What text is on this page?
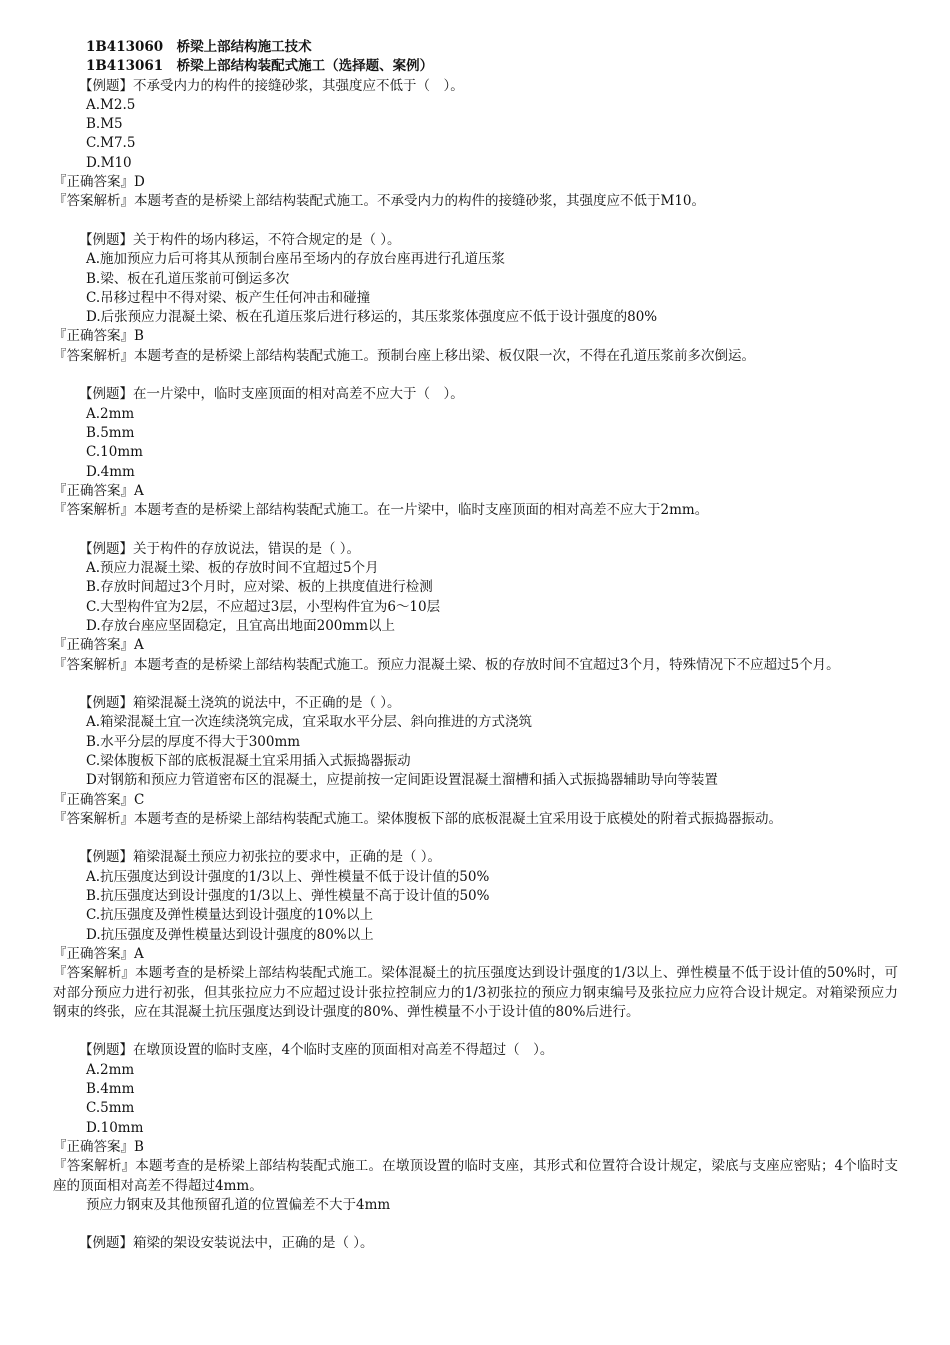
1B413060　桥梁上部结构施工技术
1B413061　桥梁上部结构装配式施工（选择题、案例）
【例题】不承受内力的构件的接缝砂浆，其强度应不低于（　）。
A.M2.5
B.M5
C.M7.5
D.M10
『正确答案』D
『答案解析』本题考查的是桥梁上部结构装配式施工。不承受内力的构件的接缝砂浆，其强度应不低于M10。
【例题】关于构件的场内移运，不符合规定的是（ ）。
A.施加预应力后可将其从预制台座吊至场内的存放台座再进行孔道压浆
B.梁、板在孔道压浆前可倒运多次
C.吊移过程中不得对梁、板产生任何冲击和碰撞
D.后张预应力混凝土梁、板在孔道压浆后进行移运的，其压浆浆体强度应不低于设计强度的80%
『正确答案』B
『答案解析』本题考查的是桥梁上部结构装配式施工。预制台座上移出梁、板仅限一次，不得在孔道压浆前多次倒运。
【例题】在一片梁中，临时支座顶面的相对高差不应大于（　）。
A.2mm
B.5mm
C.10mm
D.4mm
『正确答案』A
『答案解析』本题考查的是桥梁上部结构装配式施工。在一片梁中，临时支座顶面的相对高差不应大于2mm。
【例题】关于构件的存放说法，错误的是（ ）。
A.预应力混凝土梁、板的存放时间不宜超过5个月
B.存放时间超过3个月时，应对梁、板的上拱度值进行检测
C.大型构件宜为2层，不应超过3层，小型构件宜为6～10层
D.存放台座应坚固稳定，且宜高出地面200mm以上
『正确答案』A
『答案解析』本题考查的是桥梁上部结构装配式施工。预应力混凝土梁、板的存放时间不宜超过3个月，特殊情况下不应超过5个月。
【例题】箱梁混凝土浇筑的说法中，不正确的是（ ）。
A.箱梁混凝土宜一次连续浇筑完成，宜采取水平分层、斜向推进的方式浇筑
B.水平分层的厚度不得大于300mm
C.梁体腹板下部的底板混凝土宜采用插入式振捣器振动
D对钢筋和预应力管道密布区的混凝土，应提前按一定间距设置混凝土溜槽和插入式振捣器辅助导向等装置
『正确答案』C
『答案解析』本题考查的是桥梁上部结构装配式施工。梁体腹板下部的底板混凝土宜采用设于底模处的附着式振捣器振动。
【例题】箱梁混凝土预应力初张拉的要求中，正确的是（ ）。
A.抗压强度达到设计强度的1/3以上、弹性模量不低于设计值的50%
B.抗压强度达到设计强度的1/3以上、弹性模量不高于设计值的50%
C.抗压强度及弹性模量达到设计强度的10%以上
D.抗压强度及弹性模量达到设计强度的80%以上
『正确答案』A
『答案解析』本题考查的是桥梁上部结构装配式施工。梁体混凝土的抗压强度达到设计强度的1/3以上、弹性模量不低于设计值的50%时，可对部分预应力进行初张，但其张拉应力不应超过设计张拉控制应力的1/3初张拉的预应力钢束编号及张拉应力应符合设计规定。对箱梁预应力钢束的终张，应在其混凝土抗压强度达到设计强度的80%、弹性模量不小于设计值的80%后进行。
【例题】在墩顶设置的临时支座，4个临时支座的顶面相对高差不得超过（　）。
A.2mm
B.4mm
C.5mm
D.10mm
『正确答案』B
『答案解析』本题考查的是桥梁上部结构装配式施工。在墩顶设置的临时支座，其形式和位置符合设计规定，梁底与支座应密贴；4个临时支座的顶面相对高差不得超过4mm。
预应力钢束及其他预留孔道的位置偏差不大于4mm
【例题】箱梁的架设安装说法中，正确的是（ ）。
